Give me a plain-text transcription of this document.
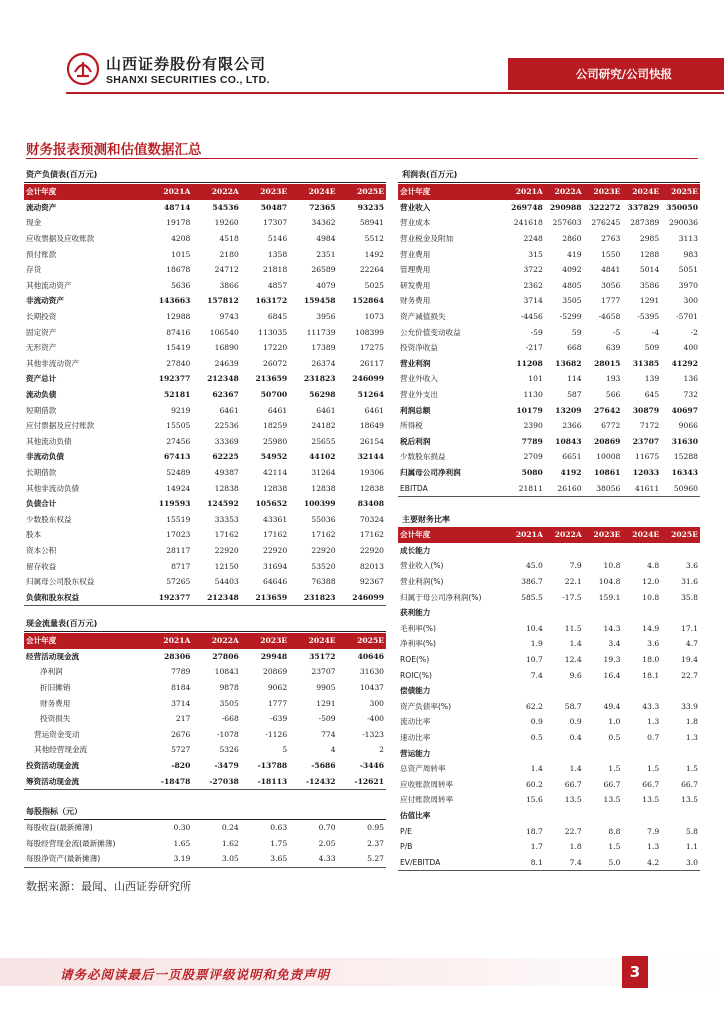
山西证券股份有限公司
SHANXI SECURITIES CO., LTD.	公司研究/公司快报
财务报表预测和估值数据汇总
资产负债表(百万元)
会计年度	2021A	2022A	2023E	2024E	2025E
流动资产	48714	54536	50487	72365	93235
现金	19178	19260	17307	34362	58941
应收票据及应收账款	4208	4518	5146	4984	5512
预付账款	1015	2180	1358	2351	1492
存货	18678	24712	21818	26589	22264
其他流动资产	5636	3866	4857	4079	5025
非流动资产	143663	157812	163172	159458	152864
长期投资	12988	9743	6845	3956	1073
固定资产	87416	106540	113035	111739	108399
无形资产	15419	16890	17220	17389	17275
其他非流动资产	27840	24639	26072	26374	26117
资产总计	192377	212348	213659	231823	246099
流动负债	52181	62367	50700	56298	51264
短期借款	9219	6461	6461	6461	6461
应付票据及应付账款	15505	22536	18259	24182	18649
其他流动负债	27456	33369	25980	25655	26154
非流动负债	67413	62225	54952	44102	32144
长期借款	52489	49387	42114	31264	19306
其他非流动负债	14924	12838	12838	12838	12838
负债合计	119593	124592	105652	100399	83408
少数股东权益	15519	33353	43361	55036	70324
股本	17023	17162	17162	17162	17162
资本公积	28117	22920	22920	22920	22920
留存收益	8717	12150	31694	53520	82013
归属母公司股东权益	57265	54403	64646	76388	92367
负债和股东权益	192377	212348	213659	231823	246099
利润表(百万元)
会计年度	2021A	2022A	2023E	2024E	2025E
营业收入	269748	290988	322272	337829	350050
营业成本	241618	257603	276245	287389	290036
营业税金及附加	2248	2860	2763	2985	3113
营业费用	315	419	1550	1288	983
管理费用	3722	4092	4841	5014	5051
研发费用	2362	4805	3056	3586	3970
财务费用	3714	3505	1777	1291	300
资产减值损失	-4456	-5299	-4658	-5395	-5701
公允价值变动收益	-59	59	-5	-4	-2
投资净收益	-217	668	639	509	400
营业利润	11208	13682	28015	31385	41292
营业外收入	101	114	193	139	136
营业外支出	1130	587	566	645	732
利润总额	10179	13209	27642	30879	40697
所得税	2390	2366	6772	7172	9066
税后利润	7789	10843	20869	23707	31630
少数股东损益	2709	6651	10008	11675	15288
归属母公司净利润	5080	4192	10861	12033	16343
EBITDA	21811	26160	38056	41611	50960
主要财务比率
会计年度	2021A	2022A	2023E	2024E	2025E
成长能力					
营业收入(%)	45.0	7.9	10.8	4.8	3.6
营业利润(%)	386.7	22.1	104.8	12.0	31.6
归属于母公司净利润(%)	585.5	-17.5	159.1	10.8	35.8
获利能力					
毛利率(%)	10.4	11.5	14.3	14.9	17.1
净利率(%)	1.9	1.4	3.4	3.6	4.7
ROE(%)	10.7	12.4	19.3	18.0	19.4
ROIC(%)	7.4	9.6	16.4	18.1	22.7
偿债能力					
资产负债率(%)	62.2	58.7	49.4	43.3	33.9
流动比率	0.9	0.9	1.0	1.3	1.8
速动比率	0.5	0.4	0.5	0.7	1.3
营运能力					
总资产周转率	1.4	1.4	1.5	1.5	1.5
应收账款周转率	60.2	66.7	66.7	66.7	66.7
应付账款周转率	15.6	13.5	13.5	13.5	13.5
估值比率					
P/E	18.7	22.7	8.8	7.9	5.8
P/B	1.7	1.8	1.5	1.3	1.1
EV/EBITDA	8.1	7.4	5.0	4.2	3.0
现金流量表(百万元)
会计年度	2021A	2022A	2023E	2024E	2025E
经营活动现金流	28306	27806	29948	35172	40646
净利润	7789	10843	20869	23707	31630
折旧摊销	8184	9878	9062	9905	10437
财务费用	3714	3505	1777	1291	300
投资损失	217	-668	-639	-509	-400
营运资金变动	2676	-1078	-1126	774	-1323
其他经营现金流	5727	5326	5	4	2
投资活动现金流	-820	-3479	-13788	-5686	-3446
筹资活动现金流	-18478	-27038	-18113	-12432	-12621
每股指标（元）
每股收益(最新摊薄)	0.30	0.24	0.63	0.70	0.95
每股经营现金流(最新摊薄)	1.65	1.62	1.75	2.05	2.37
每股净资产(最新摊薄)	3.19	3.05	3.65	4.33	5.27
数据来源：最闻、山西证券研究所
请务必阅读最后一页股票评级说明和免责声明	3
